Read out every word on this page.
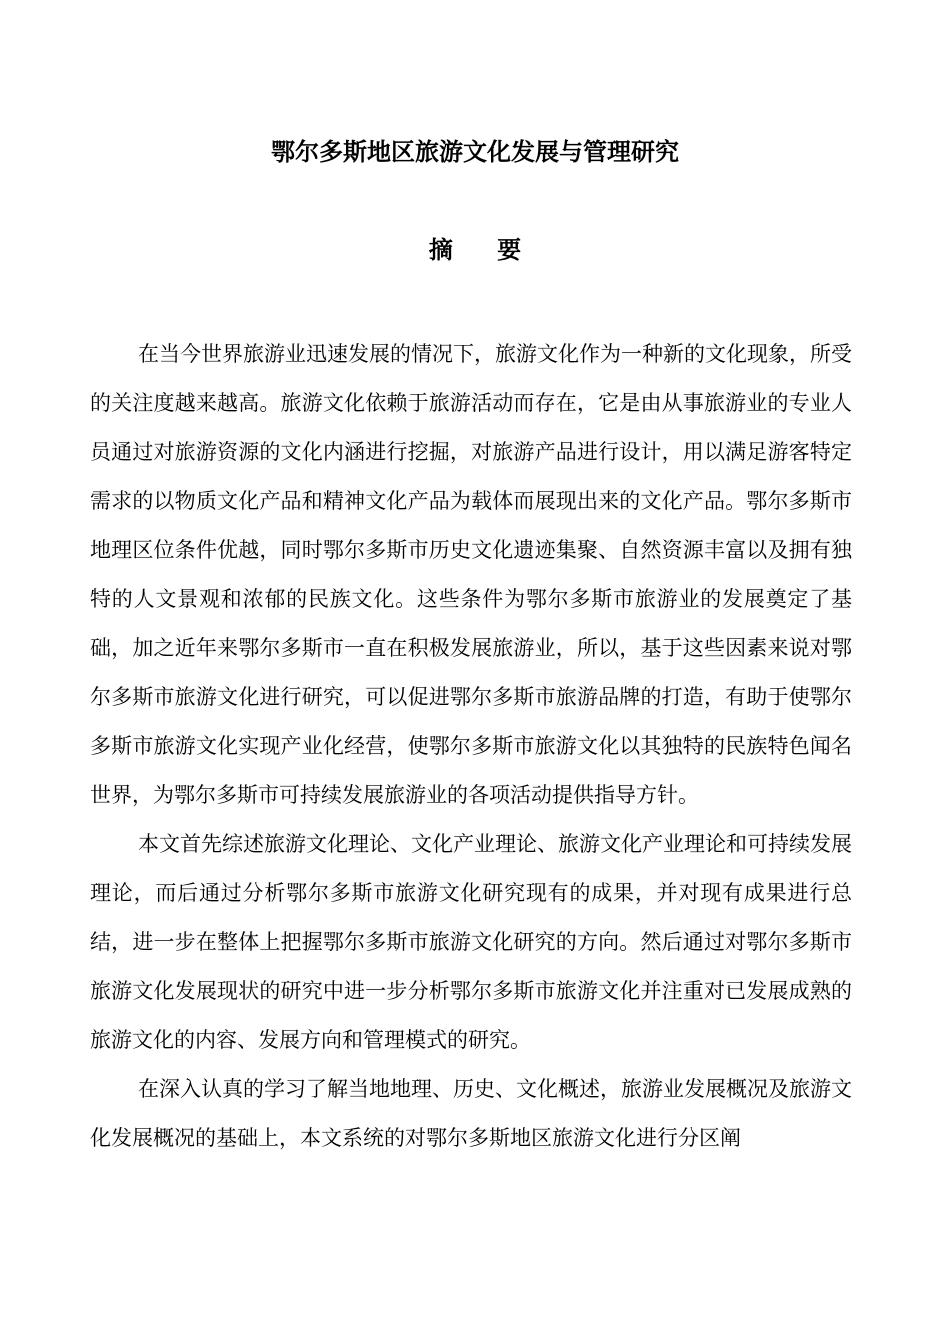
鄂尔多斯地区旅游文化发展与管理研究
摘 要

在当今世界旅游业迅速发展的情况下，旅游文化作为一种新的文化现象，所受的关注度越来越高。旅游文化依赖于旅游活动而存在，它是由从事旅游业的专业人员通过对旅游资源的文化内涵进行挖掘，对旅游产品进行设计，用以满足游客特定需求的以物质文化产品和精神文化产品为载体而展现出来的文化产品。鄂尔多斯市地理区位条件优越，同时鄂尔多斯市历史文化遗迹集聚、自然资源丰富以及拥有独特的人文景观和浓郁的民族文化。这些条件为鄂尔多斯市旅游业的发展奠定了基础，加之近年来鄂尔多斯市一直在积极发展旅游业，所以，基于这些因素来说对鄂尔多斯市旅游文化进行研究，可以促进鄂尔多斯市旅游品牌的打造，有助于使鄂尔多斯市旅游文化实现产业化经营，使鄂尔多斯市旅游文化以其独特的民族特色闻名世界，为鄂尔多斯市可持续发展旅游业的各项活动提供指导方针。

本文首先综述旅游文化理论、文化产业理论、旅游文化产业理论和可持续发展理论，而后通过分析鄂尔多斯市旅游文化研究现有的成果，并对现有成果进行总结，进一步在整体上把握鄂尔多斯市旅游文化研究的方向。然后通过对鄂尔多斯市旅游文化发展现状的研究中进一步分析鄂尔多斯市旅游文化并注重对已发展成熟的旅游文化的内容、发展方向和管理模式的研究。

在深入认真的学习了解当地地理、历史、文化概述，旅游业发展概况及旅游文化发展概况的基础上，本文系统的对鄂尔多斯地区旅游文化进行分区阐
